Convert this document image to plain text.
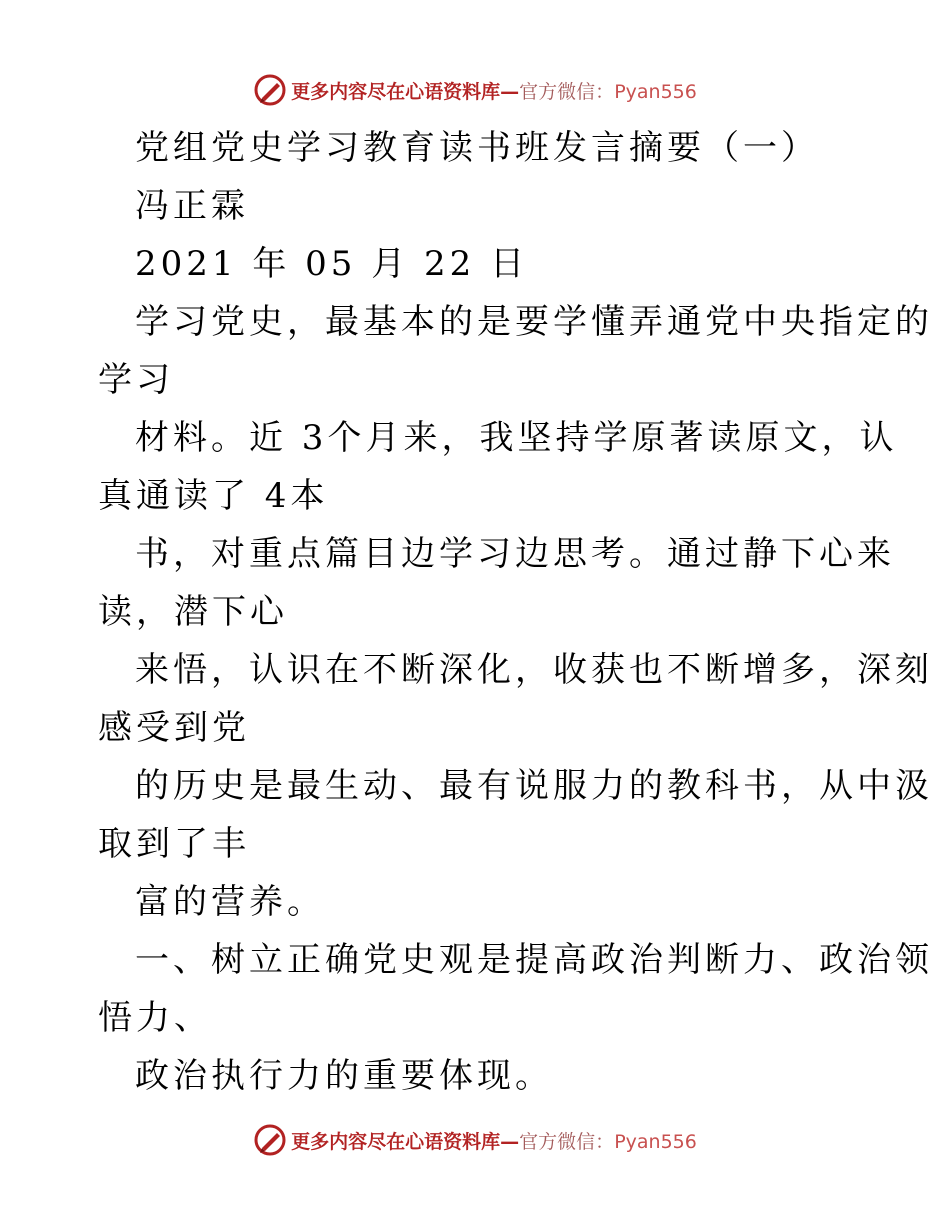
更多内容尽在心语资料库—官方微信：Pyan556
党组党史学习教育读书班发言摘要（一）
冯正霖
2021 年 05 月 22 日
学习党史，最基本的是要学懂弄通党中央指定的
学习
材料。近 3个月来，我坚持学原著读原文，认
真通读了 4本
书，对重点篇目边学习边思考。通过静下心来
读，潜下心
来悟，认识在不断深化，收获也不断增多，深刻
感受到党
的历史是最生动、最有说服力的教科书，从中汲
取到了丰
富的营养。
一、树立正确党史观是提高政治判断力、政治领
悟力、
政治执行力的重要体现。
更多内容尽在心语资料库—官方微信：Pyan556
